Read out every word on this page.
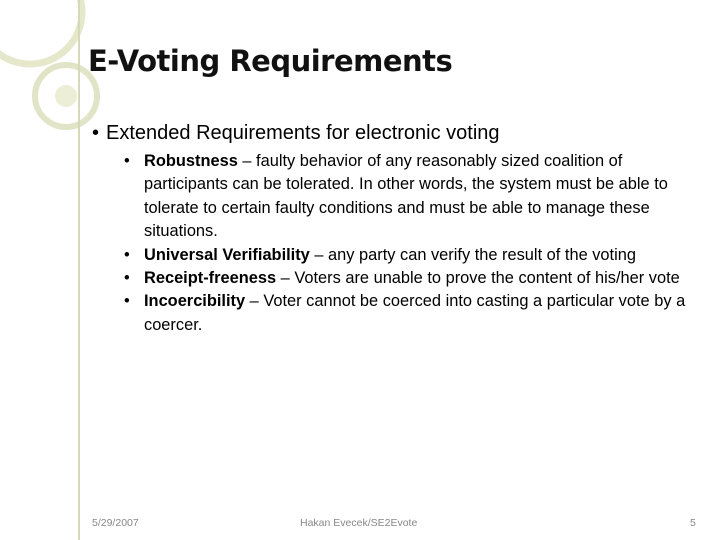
E-Voting Requirements
• Extended Requirements for electronic voting
• Robustness – faulty behavior of any reasonably sized coalition of participants can be tolerated. In other words, the system must be able to tolerate to certain faulty conditions and must be able to manage these situations.
• Universal Verifiability – any party can verify the result of the voting
• Receipt-freeness – Voters are unable to prove the content of his/her vote
• Incoercibility – Voter cannot be coerced into casting a particular vote by a coercer.
5/29/2007	Hakan Evecek/SE2Evote	5
